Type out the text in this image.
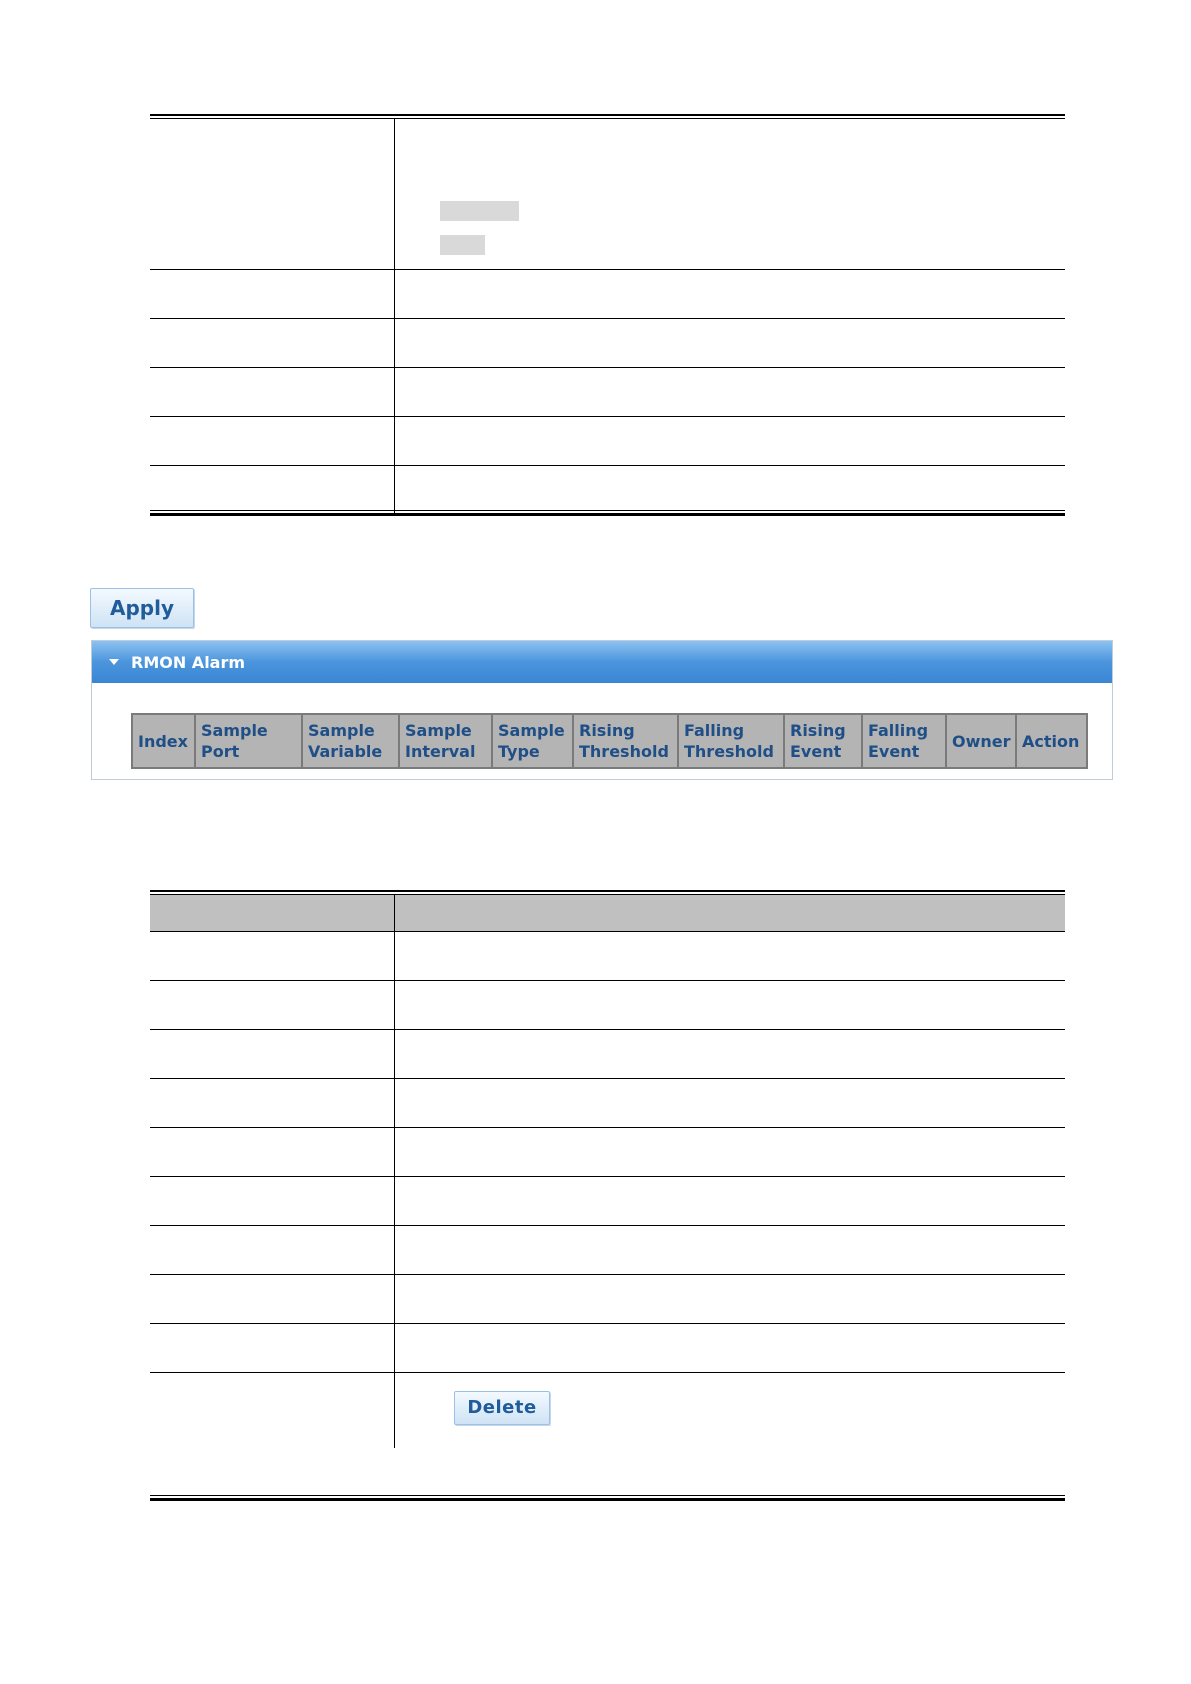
Apply
RMON Alarm
Index	Sample Port	Sample Variable	Sample Interval	Sample Type	Rising Threshold	Falling Threshold	Rising Event	Falling Event	Owner	Action

Delete
